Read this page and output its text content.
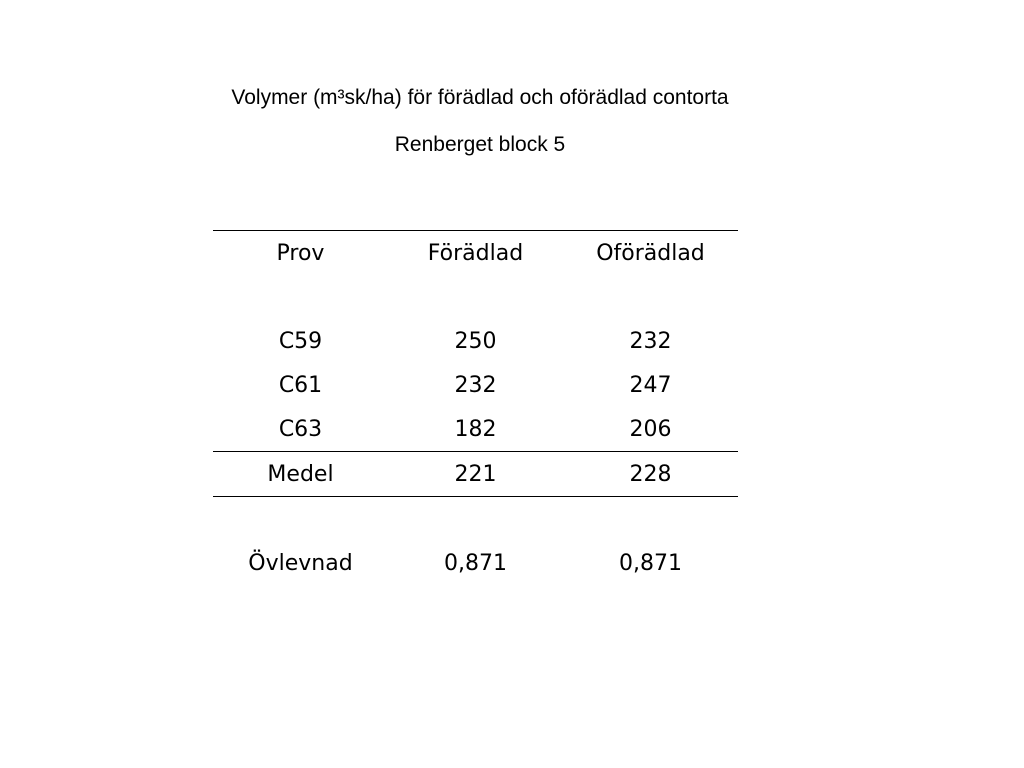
Volymer (m³sk/ha) för förädlad och oförädlad contorta
Renberget block 5
Prov	Förädlad	Oförädlad

C59	250	232
C61	232	247
C63	182	206
Medel	221	228

Övlevnad	0,871	0,871
